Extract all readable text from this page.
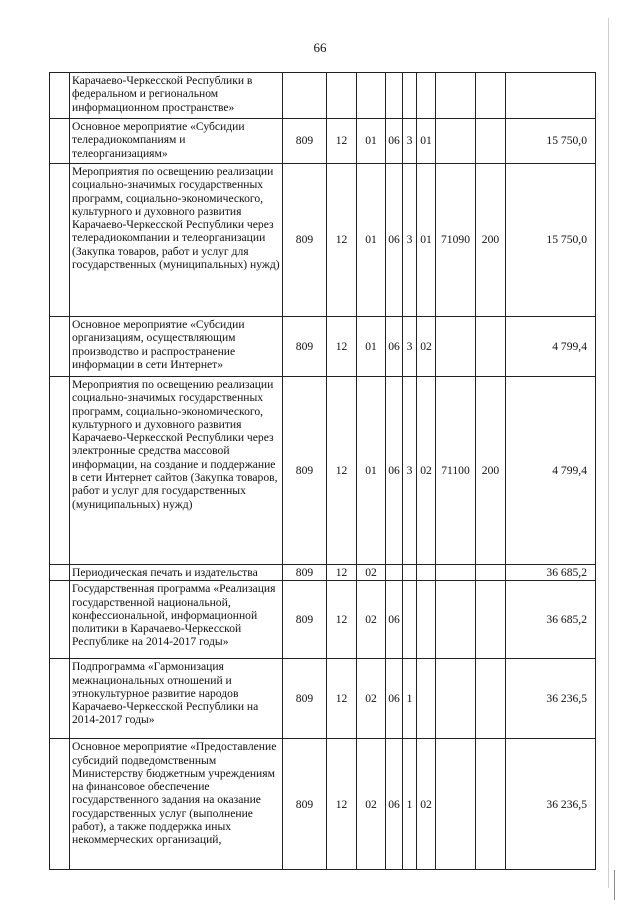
66
	Карачаево-Черкесской Республики в федеральном и региональном информационном пространстве»									
	Основное мероприятие «Субсидии телерадиокомпаниям и телеорганизациям»	809	12	01	06	3	01			15 750,0
	Мероприятия по освещению реализации социально-значимых государственных программ, социально-экономического, культурного и духовного развития Карачаево-Черкесской Республики через телерадиокомпании и телеорганизации (Закупка товаров, работ и услуг для государственных (муниципальных) нужд)	809	12	01	06	3	01	71090	200	15 750,0
	Основное мероприятие «Субсидии организациям, осуществляющим производство и распространение информации в сети Интернет»	809	12	01	06	3	02			4 799,4
	Мероприятия по освещению реализации социально-значимых государственных программ, социально-экономического, культурного и духовного развития Карачаево-Черкесской Республики через электронные средства массовой информации, на создание и поддержание в сети Интернет сайтов (Закупка товаров, работ и услуг для государственных (муниципальных) нужд)	809	12	01	06	3	02	71100	200	4 799,4
	Периодическая печать и издательства	809	12	02						36 685,2
	Государственная программа «Реализация государственной национальной, конфессиональной, информационной политики в Карачаево-Черкесской Республике на 2014-2017 годы»	809	12	02	06					36 685,2
	Подпрограмма «Гармонизация межнациональных отношений и этнокультурное развитие народов Карачаево-Черкесской Республики на 2014-2017 годы»	809	12	02	06	1				36 236,5
	Основное мероприятие «Предоставление субсидий подведомственным Министерству бюджетным учреждениям на финансовое обеспечение государственного задания на оказание государственных услуг (выполнение работ), а также поддержка иных некоммерческих организаций,	809	12	02	06	1	02			36 236,5
